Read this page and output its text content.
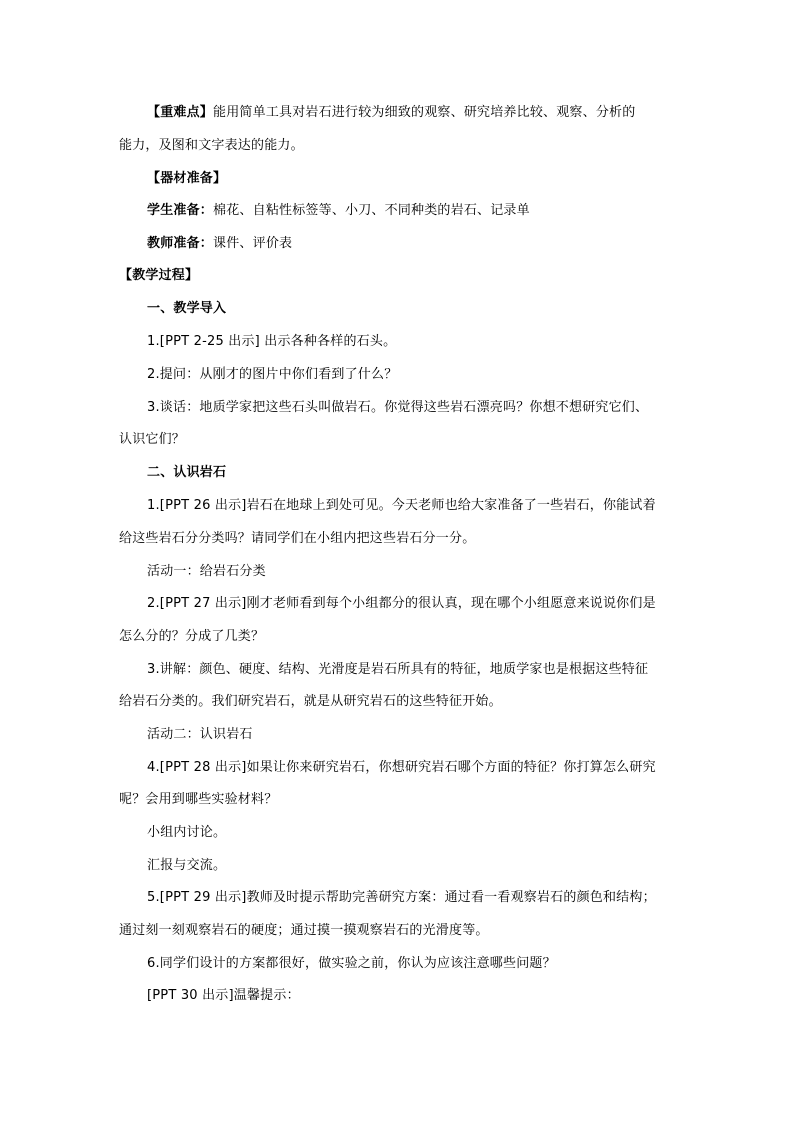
【重难点】能用简单工具对岩石进行较为细致的观察、研究培养比较、观察、分析的
能力，及图和文字表达的能力。
【器材准备】
学生准备：棉花、自粘性标签等、小刀、不同种类的岩石、记录单
教师准备：课件、评价表
【教学过程】
一、教学导入
1.[PPT 2-25 出示] 出示各种各样的石头。
2.提问：从刚才的图片中你们看到了什么？
3.谈话：地质学家把这些石头叫做岩石。你觉得这些岩石漂亮吗？你想不想研究它们、
认识它们？
二、认识岩石
1.[PPT 26 出示]岩石在地球上到处可见。今天老师也给大家准备了一些岩石，你能试着
给这些岩石分分类吗？请同学们在小组内把这些岩石分一分。
活动一：给岩石分类
2.[PPT 27 出示]刚才老师看到每个小组都分的很认真，现在哪个小组愿意来说说你们是
怎么分的？分成了几类？
3.讲解：颜色、硬度、结构、光滑度是岩石所具有的特征，地质学家也是根据这些特征
给岩石分类的。我们研究岩石，就是从研究岩石的这些特征开始。
活动二：认识岩石
4.[PPT 28 出示]如果让你来研究岩石，你想研究岩石哪个方面的特征？你打算怎么研究
呢？会用到哪些实验材料？
小组内讨论。
汇报与交流。
5.[PPT 29 出示]教师及时提示帮助完善研究方案：通过看一看观察岩石的颜色和结构；
通过刻一刻观察岩石的硬度；通过摸一摸观察岩石的光滑度等。
6.同学们设计的方案都很好，做实验之前，你认为应该注意哪些问题？
[PPT 30 出示]温馨提示：
